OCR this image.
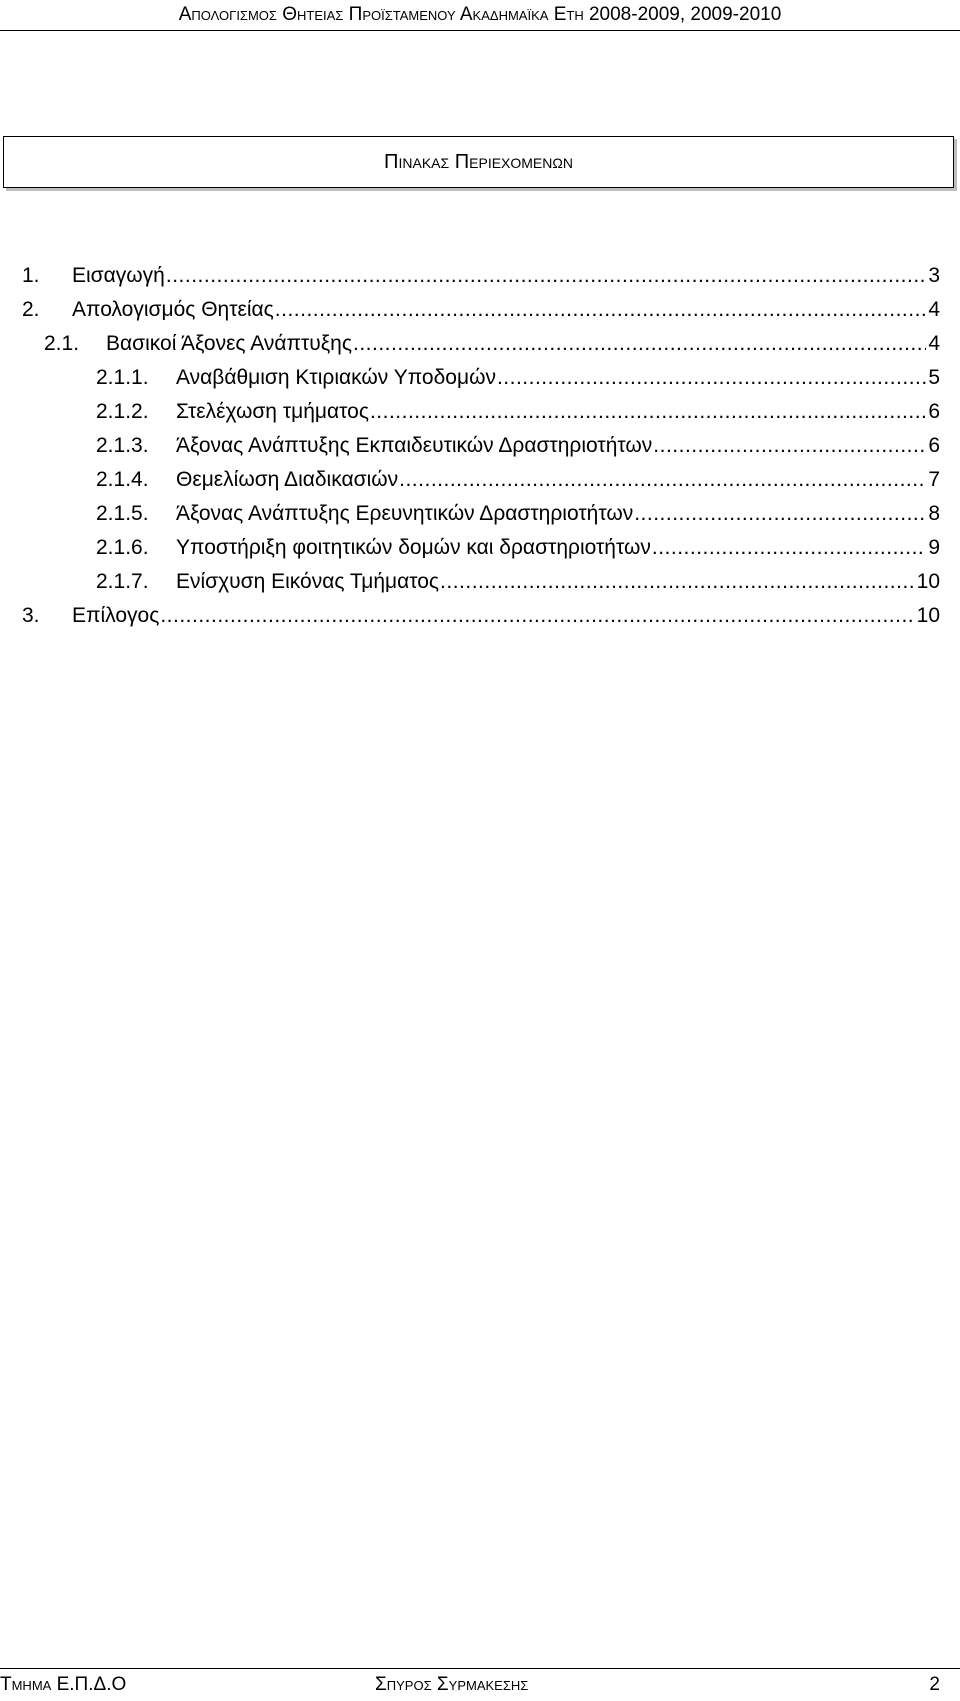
Απολογισμος Θητειας Προϊσταμενου Ακαδημαϊκα Ετη 2008-2009, 2009-2010
Πινακας Περιεχομενων
1.	Εισαγωγή .....	3
2.	Απολογισμός Θητείας .....	4
2.1.	Βασικοί Άξονες Ανάπτυξης .....	4
2.1.1.	Αναβάθμιση Κτιριακών Υποδομών .....	5
2.1.2.	Στελέχωση τμήματος .....	6
2.1.3.	Άξονας Ανάπτυξης Εκπαιδευτικών Δραστηριοτήτων .....	6
2.1.4.	Θεμελίωση Διαδικασιών .....	7
2.1.5.	Άξονας Ανάπτυξης Ερευνητικών Δραστηριοτήτων .....	8
2.1.6.	Υποστήριξη φοιτητικών δομών και δραστηριοτήτων .....	9
2.1.7.	Ενίσχυση Εικόνας Τμήματος .....	10
3.	Επίλογος .....	10
Τμημα Ε.Π.Δ.Ο	Σπυρος Συρμακεσης	2
